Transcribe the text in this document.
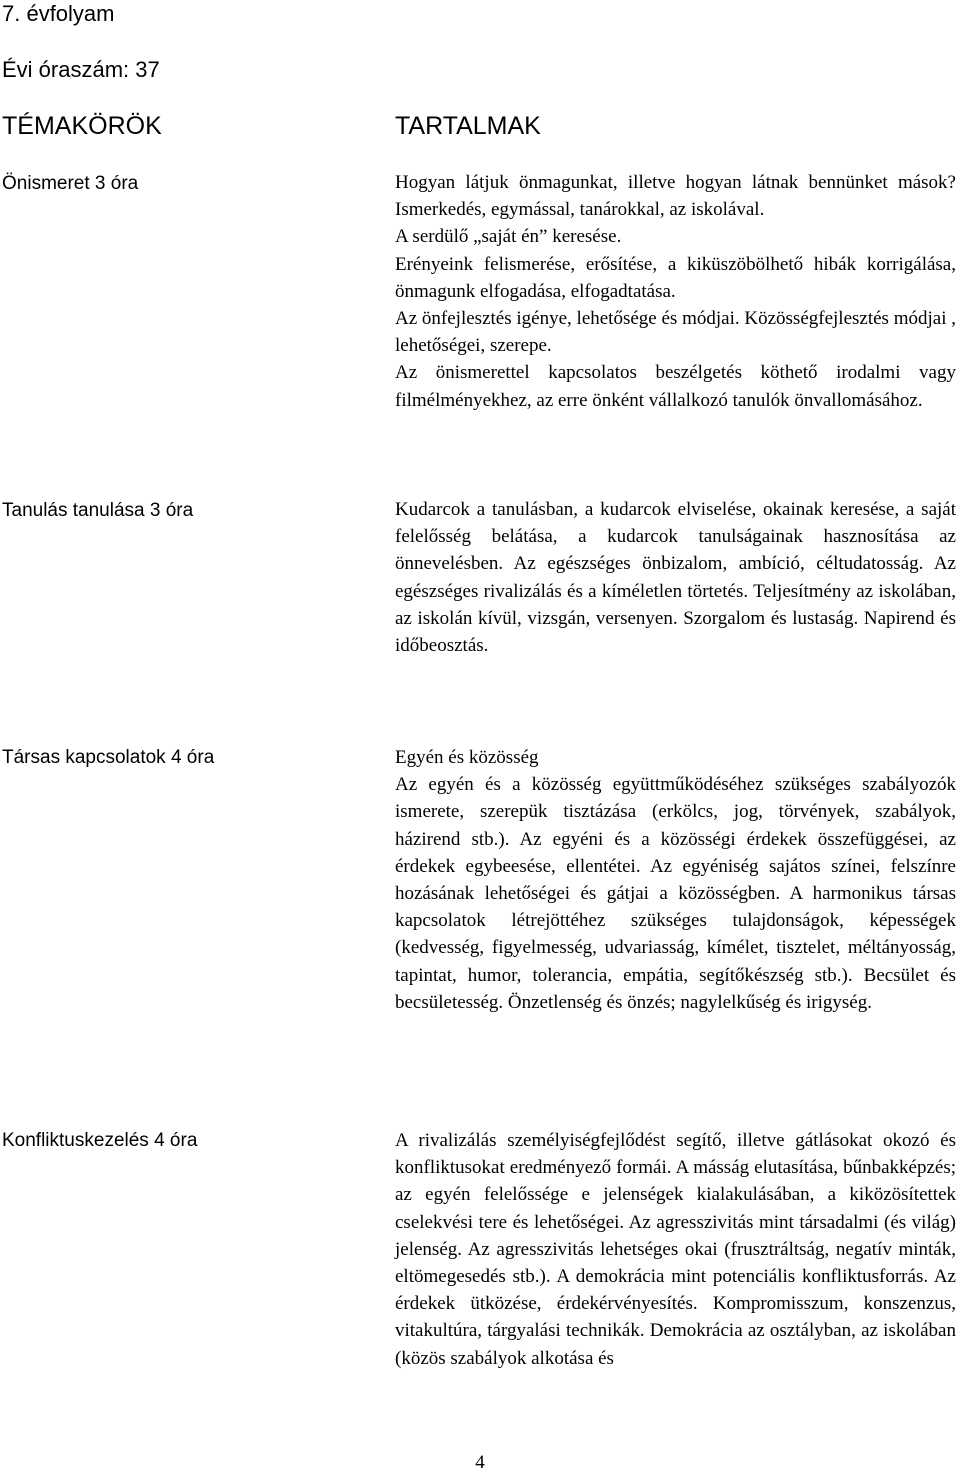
7. évfolyam
Évi óraszám: 37
TÉMAKÖRÖK	TARTALMAK
Önismeret 3 óra	Hogyan látjuk önmagunkat, illetve hogyan látnak bennünket mások? Ismerkedés, egymással, tanárokkal, az iskolával.

A serdülő „saját én” keresése.

Erényeink felismerése, erősítése, a kiküszöbölhető hibák korrigálása, önmagunk elfogadása, elfogadtatása.

Az önfejlesztés igénye, lehetősége és módjai. Közösségfejlesztés módjai , lehetőségei, szerepe.

Az önismerettel kapcsolatos beszélgetés köthető irodalmi vagy filmélményekhez, az erre önként vállalkozó tanulók önvallomásához.

Tanulás tanulása 3 óra	Kudarcok a tanulásban, a kudarcok elviselése, okainak keresése, a saját felelősség belátása, a kudarcok tanulságainak hasznosítása az önnevelésben. Az egészséges önbizalom, ambíció, céltudatosság. Az egészséges rivalizálás és a kíméletlen törtetés. Teljesítmény az iskolában, az iskolán kívül, vizsgán, versenyen. Szorgalom és lustaság. Napirend és időbeosztás.

Társas kapcsolatok 4 óra	Egyén és közösség

Az egyén és a közösség együttműködéséhez szükséges szabályozók ismerete, szerepük tisztázása (erkölcs, jog, törvények, szabályok, házirend stb.). Az egyéni és a közösségi érdekek összefüggései, az érdekek egybeesése, ellentétei. Az egyéniség sajátos színei, felszínre hozásának lehetőségei és gátjai a közösségben. A harmonikus társas kapcsolatok létrejöttéhez szükséges tulajdonságok, képességek (kedvesség, figyelmesség, udvariasság, kímélet, tisztelet, méltányosság, tapintat, humor, tolerancia, empátia, segítőkészség stb.). Becsület és becsületesség. Önzetlenség és önzés; nagylelkűség és irigység.

Konfliktuskezelés 4 óra	A rivalizálás személyiségfejlődést segítő, illetve gátlásokat okozó és konfliktusokat eredményező formái. A másság elutasítása, bűnbakképzés; az egyén felelőssége e jelenségek kialakulásában, a kiközösítettek cselekvési tere és lehetőségei. Az agresszivitás mint társadalmi (és világ) jelenség. Az agresszivitás lehetséges okai (frusztráltság, negatív minták, eltömegesedés stb.). A demokrácia mint potenciális konfliktusforrás. Az érdekek ütközése, érdekérvényesítés. Kompromisszum, konszenzus, vitakultúra, tárgyalási technikák. Demokrácia az osztályban, az iskolában (közös szabályok alkotása és

4
